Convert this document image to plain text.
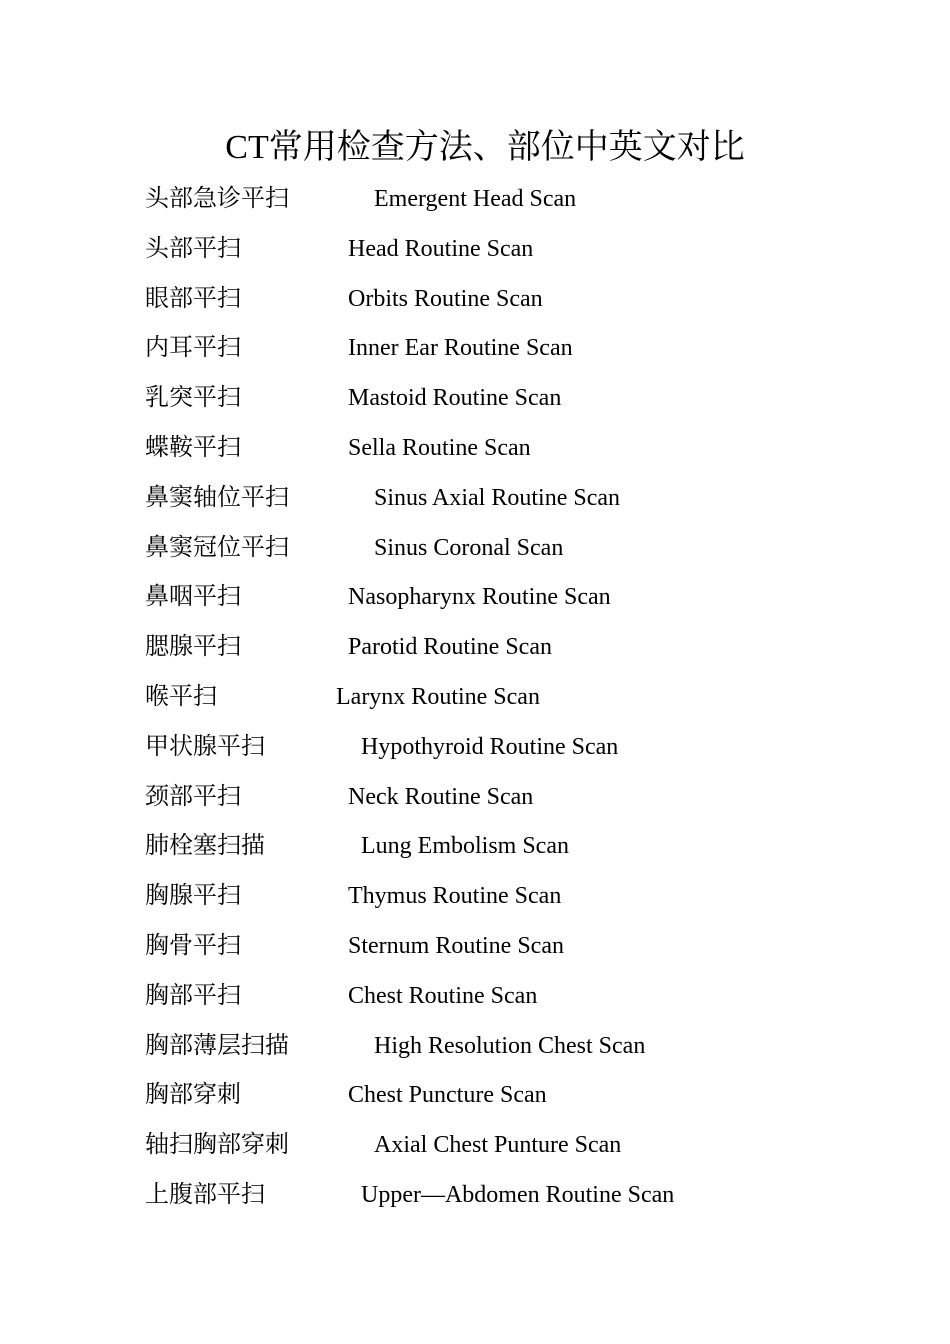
CT常用检查方法、部位中英文对比
头部急诊平扫	Emergent Head Scan
头部平扫	Head Routine Scan
眼部平扫	Orbits Routine Scan
内耳平扫	Inner Ear Routine Scan
乳突平扫	Mastoid Routine Scan
蝶鞍平扫	Sella Routine Scan
鼻窦轴位平扫	Sinus Axial Routine Scan
鼻窦冠位平扫	Sinus Coronal Scan
鼻咽平扫	Nasopharynx Routine Scan
腮腺平扫	Parotid Routine Scan
喉平扫	Larynx Routine Scan
甲状腺平扫	Hypothyroid Routine Scan
颈部平扫	Neck Routine Scan
肺栓塞扫描	Lung Embolism Scan
胸腺平扫	Thymus Routine Scan
胸骨平扫	Sternum Routine Scan
胸部平扫	Chest Routine Scan
胸部薄层扫描	High Resolution Chest Scan
胸部穿刺	Chest Puncture Scan
轴扫胸部穿刺	Axial Chest Punture Scan
上腹部平扫	Upper—Abdomen Routine Scan
